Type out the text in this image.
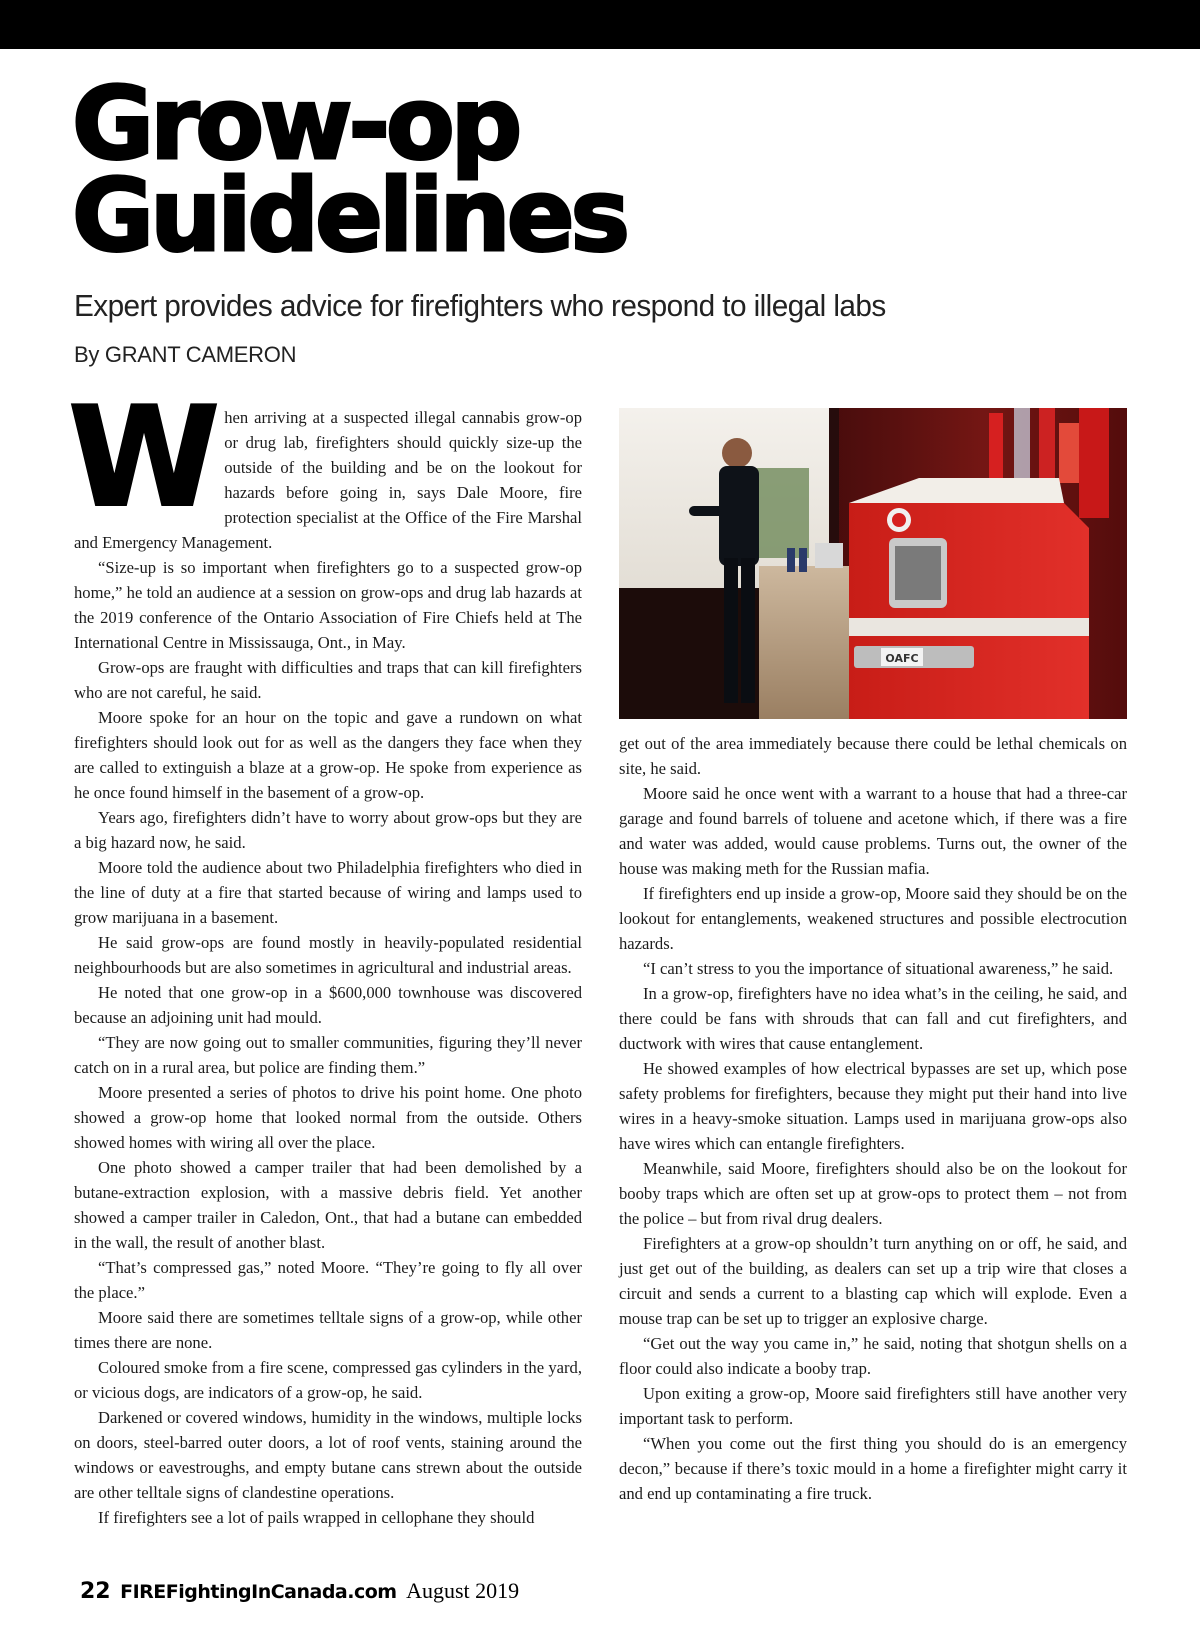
Grow-op
Guidelines
Expert provides advice for firefighters who respond to illegal labs
By GRANT CAMERON

When arriving at a suspected illegal cannabis grow-op or drug lab, firefighters should quickly size-up the outside of the building and be on the lookout for hazards before going in, says Dale Moore, fire protection specialist at the Office of the Fire Marshal and Emergency Management.

“Size-up is so important when firefighters go to a suspected grow-op home,” he told an audience at a session on grow-ops and drug lab hazards at the 2019 conference of the Ontario Association of Fire Chiefs held at The International Centre in Mississauga, Ont., in May.

Grow-ops are fraught with difficulties and traps that can kill firefighters who are not careful, he said.

Moore spoke for an hour on the topic and gave a rundown on what firefighters should look out for as well as the dangers they face when they are called to extinguish a blaze at a grow-op. He spoke from experience as he once found himself in the basement of a grow-op.

Years ago, firefighters didn’t have to worry about grow-ops but they are a big hazard now, he said.

Moore told the audience about two Philadelphia firefighters who died in the line of duty at a fire that started because of wiring and lamps used to grow marijuana in a basement.

He said grow-ops are found mostly in heavily-populated residential neighbourhoods but are also sometimes in agricultural and industrial areas.

He noted that one grow-op in a $600,000 townhouse was discovered because an adjoining unit had mould.

“They are now going out to smaller communities, figuring they’ll never catch on in a rural area, but police are finding them.”

Moore presented a series of photos to drive his point home. One photo showed a grow-op home that looked normal from the outside. Others showed homes with wiring all over the place.

One photo showed a camper trailer that had been demolished by a butane-extraction explosion, with a massive debris field. Yet another showed a camper trailer in Caledon, Ont., that had a butane can embedded in the wall, the result of another blast.

“That’s compressed gas,” noted Moore. “They’re going to fly all over the place.”

Moore said there are sometimes telltale signs of a grow-op, while other times there are none.

Coloured smoke from a fire scene, compressed gas cylinders in the yard, or vicious dogs, are indicators of a grow-op, he said.

Darkened or covered windows, humidity in the windows, multiple locks on doors, steel-barred outer doors, a lot of roof vents, staining around the windows or eavestroughs, and empty butane cans strewn about the outside are other telltale signs of clandestine operations.

If firefighters see a lot of pails wrapped in cellophane they should

OAFC

get out of the area immediately because there could be lethal chemicals on site, he said.

Moore said he once went with a warrant to a house that had a three-car garage and found barrels of toluene and acetone which, if there was a fire and water was added, would cause problems. Turns out, the owner of the house was making meth for the Russian mafia.

If firefighters end up inside a grow-op, Moore said they should be on the lookout for entanglements, weakened structures and possible electrocution hazards.

“I can’t stress to you the importance of situational awareness,” he said.

In a grow-op, firefighters have no idea what’s in the ceiling, he said, and there could be fans with shrouds that can fall and cut firefighters, and ductwork with wires that cause entanglement.

He showed examples of how electrical bypasses are set up, which pose safety problems for firefighters, because they might put their hand into live wires in a heavy-smoke situation. Lamps used in marijuana grow-ops also have wires which can entangle firefighters.

Meanwhile, said Moore, firefighters should also be on the lookout for booby traps which are often set up at grow-ops to protect them – not from the police – but from rival drug dealers.

Firefighters at a grow-op shouldn’t turn anything on or off, he said, and just get out of the building, as dealers can set up a trip wire that closes a circuit and sends a current to a blasting cap which will explode. Even a mouse trap can be set up to trigger an explosive charge.

“Get out the way you came in,” he said, noting that shotgun shells on a floor could also indicate a booby trap.

Upon exiting a grow-op, Moore said firefighters still have another very important task to perform.

“When you come out the first thing you should do is an emergency decon,” because if there’s toxic mould in a home a firefighter might carry it and end up contaminating a fire truck.

22 FIREFightingInCanada.com August 2019
